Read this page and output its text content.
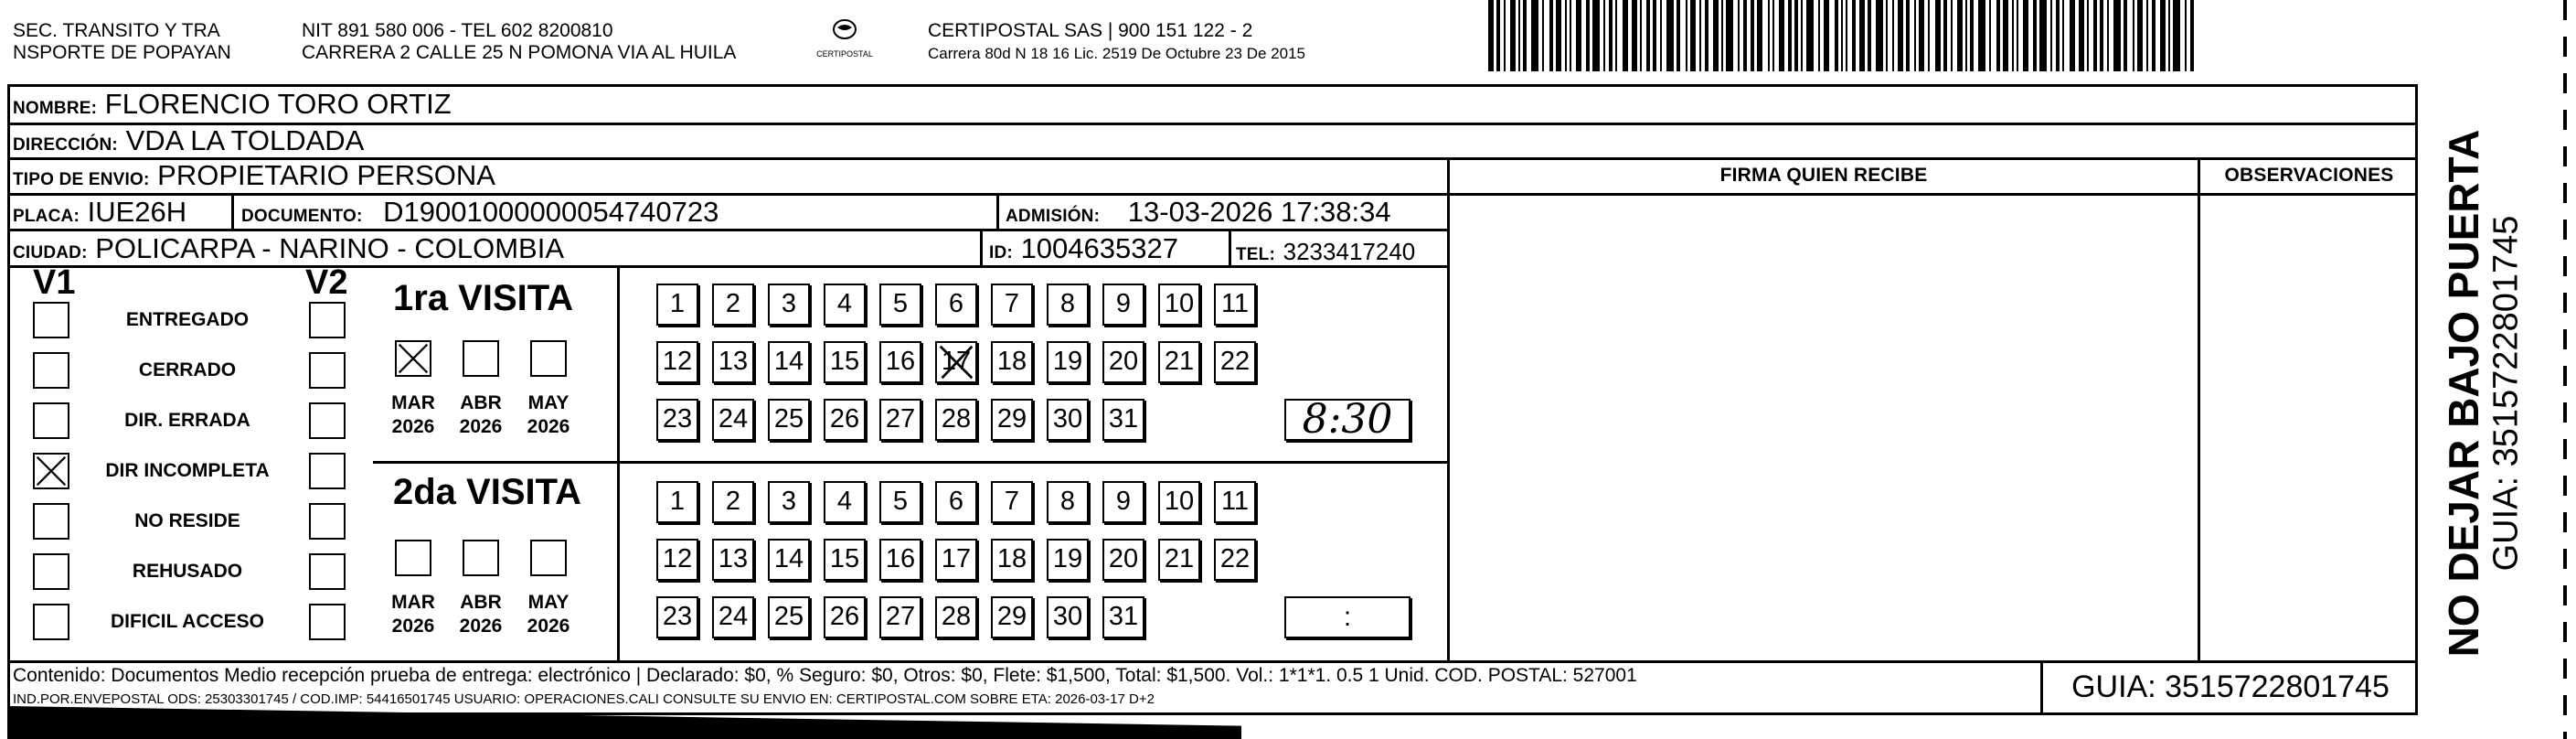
SEC. TRANSITO Y TRA
NSPORTE DE POPAYAN
NIT 891 580 006 - TEL 602 8200810
CARRERA 2 CALLE 25 N POMONA VIA AL HUILA	CERTIPOSTAL
CERTIPOSTAL SAS | 900 151 122 - 2
Carrera 80d N 18 16 Lic. 2519 De Octubre 23 De 2015
NOMBRE: FLORENCIO TORO ORTIZ
DIRECCIÓN: VDA LA TOLDADA
TIPO DE ENVIO: PROPIETARIO PERSONA
PLACA: IUE26H	DOCUMENTO: D19001000000054740723	ADMISIÓN: 13-03-2026 17:38:34
CIUDAD: POLICARPA - NARINO - COLOMBIA	ID: 1004635327	TEL: 3233417240
FIRMA QUIEN RECIBE	OBSERVACIONES
V1	V2
ENTREGADO
CERRADO
DIR. ERRADA
DIR INCOMPLETA
NO RESIDE
REHUSADO
DIFICIL ACCESO
1ra VISITA
2da VISITA
MAR
2026
ABR
2026
MAY
2026
MAR
2026
ABR
2026
MAY
2026
1	2	3	4	5	6	7	8	9	10 11
12 13 14 15 16 17 18 19 20 21 22
23 24 25 26 27 28 29 30 31	8:30
1	2	3	4	5	6	7	8	9	10 11
12 13 14 15 16 17 18 19 20 21 22
23 24 25 26 27 28 29 30 31	:
Contenido: Documentos Medio recepción prueba de entrega: electrónico | Declarado: $0, % Seguro: $0, Otros: $0, Flete: $1,500, Total: $1,500. Vol.: 1*1*1. 0.5 1 Unid. COD. POSTAL: 527001
IND.POR.ENVEPOSTAL ODS: 25303301745 / COD.IMP: 54416501745 USUARIO: OPERACIONES.CALI CONSULTE SU ENVIO EN: CERTIPOSTAL.COM SOBRE ETA: 2026-03-17 D+2	GUIA: 3515722801745
NO DEJAR BAJO PUERTA GUIA: 3515722801745
